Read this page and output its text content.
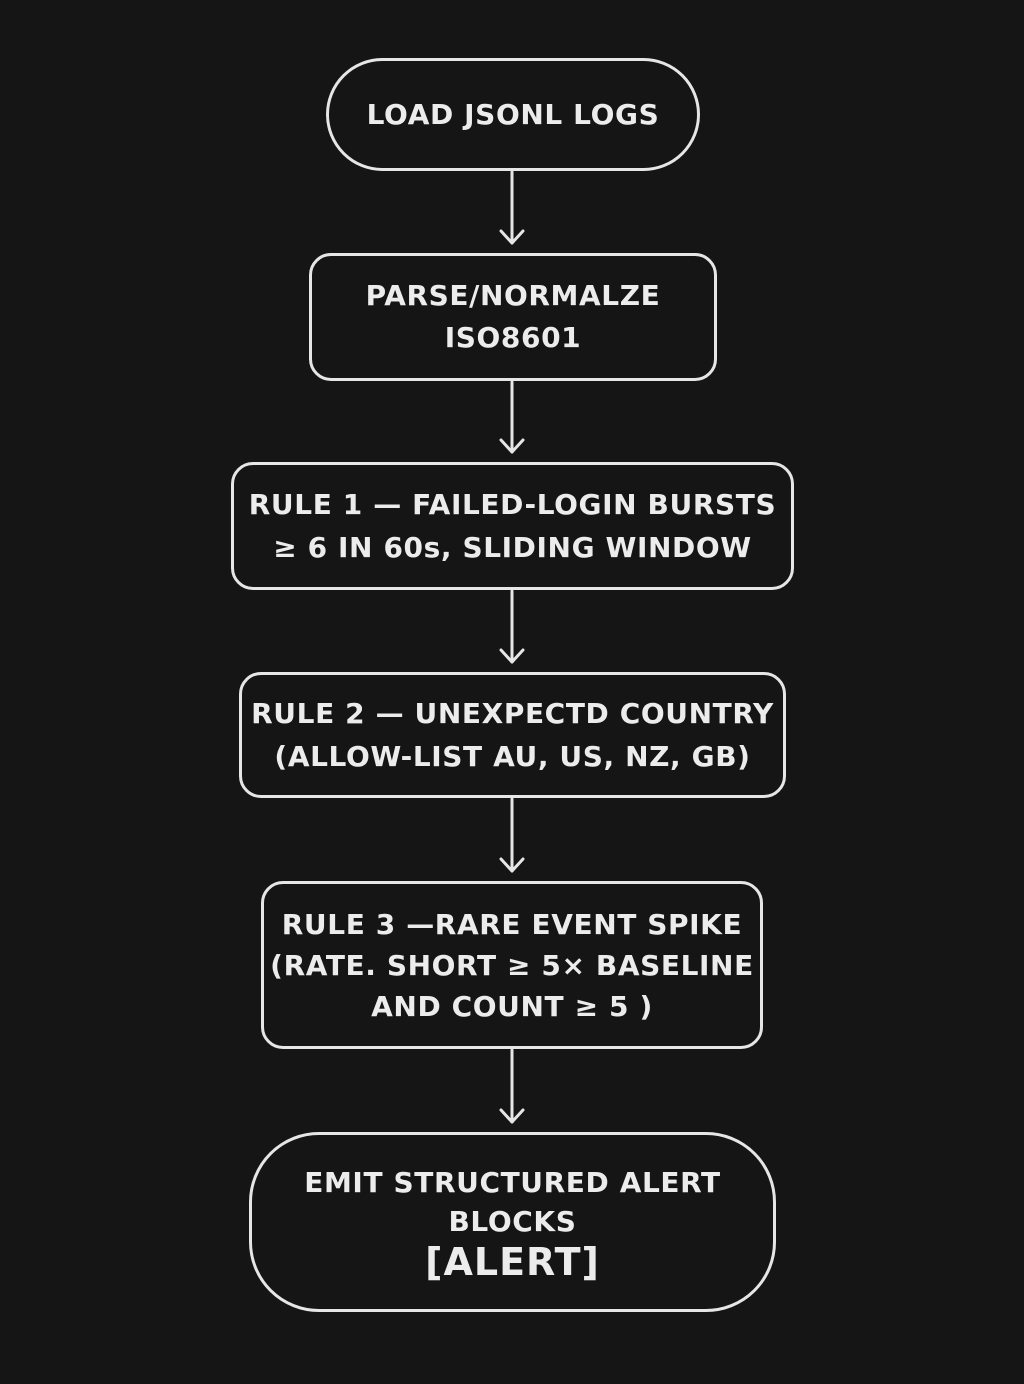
LOAD JSONL LOGS
PARSE/NORMALZE
ISO8601
RULE 1 — FAILED-LOGIN BURSTS
≥ 6 IN 60s, SLIDING WINDOW
RULE 2 — UNEXPECTD COUNTRY
(ALLOW-LIST AU, US, NZ, GB)
RULE 3 —RARE EVENT SPIKE
(RATE. SHORT ≥ 5× BASELINE
AND COUNT ≥ 5 )
EMIT STRUCTURED ALERT
BLOCKS
[ALERT]
